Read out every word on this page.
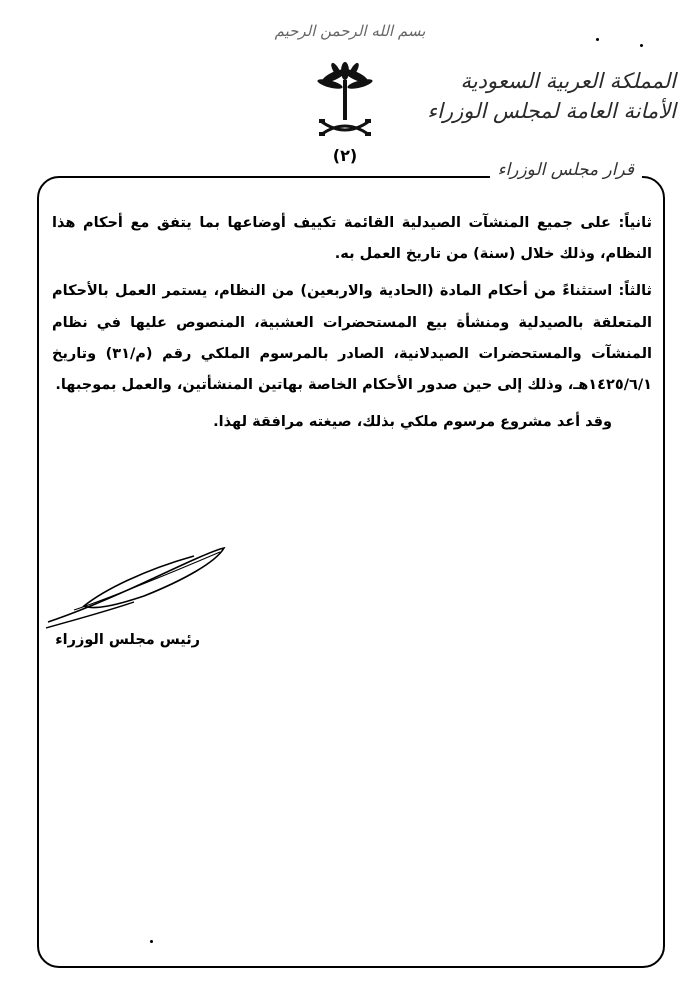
بسم الله الرحمن الرحيم
(٢)
المملكة العربية السعودية
الأمانة العامة لمجلس الوزراء
قرار مجلس الوزراء

ثانياً: على جميع المنشآت الصيدلية القائمة تكييف أوضاعها بما يتفق مع أحكام هذا النظام، وذلك خلال (سنة) من تاريخ العمل به.

ثالثاً: استثناءً من أحكام المادة (الحادية والاربعين) من النظام، يستمر العمل بالأحكام المتعلقة بالصيدلية ومنشأة بيع المستحضرات العشبية، المنصوص عليها في نظام المنشآت والمستحضرات الصيدلانية، الصادر بالمرسوم الملكي رقم (م/٣١) وتاريخ ١٤٢٥/٦/١هـ، وذلك إلى حين صدور الأحكام الخاصة بهاتين المنشأتين، والعمل بموجبها.

وقد أعد مشروع مرسوم ملكي بذلك، صيغته مرافقة لهذا.

رئيس مجلس الوزراء
